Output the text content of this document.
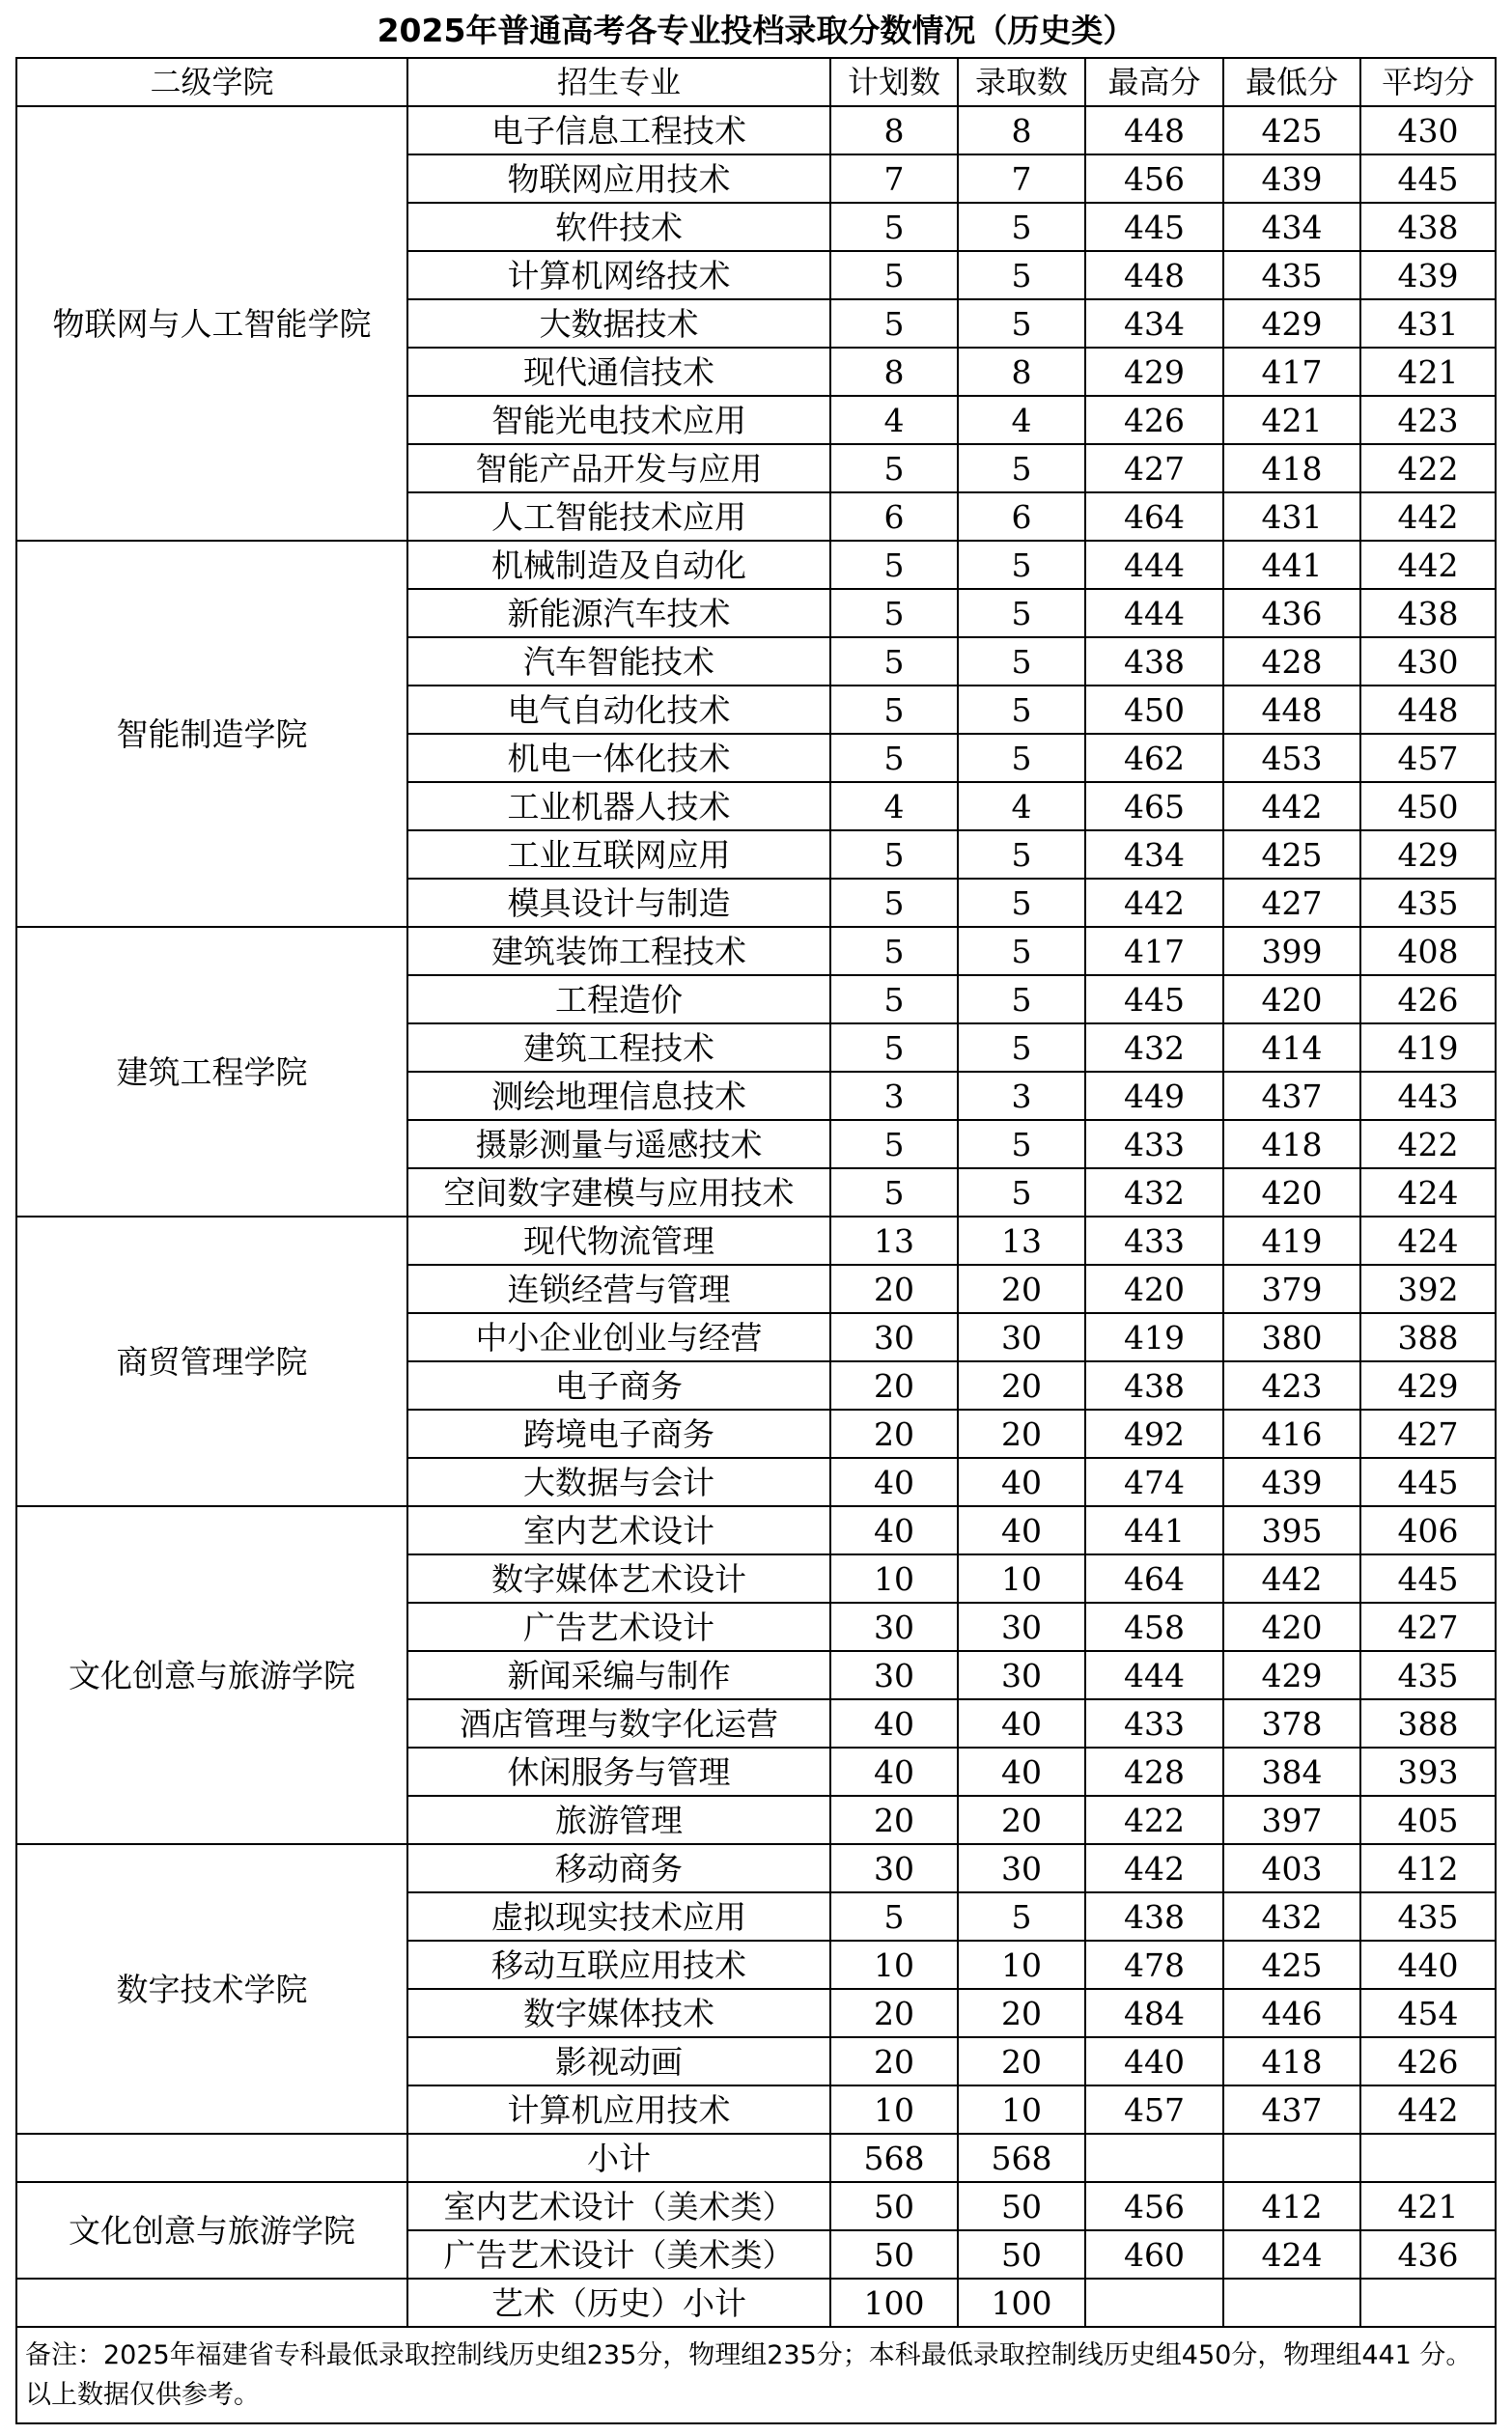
2025年普通高考各专业投档录取分数情况（历史类）
二级学院	招生专业	计划数	录取数	最高分	最低分	平均分
物联网与人工智能学院	电子信息工程技术	8	8	448	425	430
	物联网应用技术	7	7	456	439	445
	软件技术	5	5	445	434	438
	计算机网络技术	5	5	448	435	439
	大数据技术	5	5	434	429	431
	现代通信技术	8	8	429	417	421
	智能光电技术应用	4	4	426	421	423
	智能产品开发与应用	5	5	427	418	422
	人工智能技术应用	6	6	464	431	442
智能制造学院	机械制造及自动化	5	5	444	441	442
	新能源汽车技术	5	5	444	436	438
	汽车智能技术	5	5	438	428	430
	电气自动化技术	5	5	450	448	448
	机电一体化技术	5	5	462	453	457
	工业机器人技术	4	4	465	442	450
	工业互联网应用	5	5	434	425	429
	模具设计与制造	5	5	442	427	435
建筑工程学院	建筑装饰工程技术	5	5	417	399	408
	工程造价	5	5	445	420	426
	建筑工程技术	5	5	432	414	419
	测绘地理信息技术	3	3	449	437	443
	摄影测量与遥感技术	5	5	433	418	422
	空间数字建模与应用技术	5	5	432	420	424
商贸管理学院	现代物流管理	13	13	433	419	424
	连锁经营与管理	20	20	420	379	392
	中小企业创业与经营	30	30	419	380	388
	电子商务	20	20	438	423	429
	跨境电子商务	20	20	492	416	427
	大数据与会计	40	40	474	439	445
文化创意与旅游学院	室内艺术设计	40	40	441	395	406
	数字媒体艺术设计	10	10	464	442	445
	广告艺术设计	30	30	458	420	427
	新闻采编与制作	30	30	444	429	435
	酒店管理与数字化运营	40	40	433	378	388
	休闲服务与管理	40	40	428	384	393
	旅游管理	20	20	422	397	405
数字技术学院	移动商务	30	30	442	403	412
	虚拟现实技术应用	5	5	438	432	435
	移动互联应用技术	10	10	478	425	440
	数字媒体技术	20	20	484	446	454
	影视动画	20	20	440	418	426
	计算机应用技术	10	10	457	437	442
	小计	568	568			
文化创意与旅游学院	室内艺术设计（美术类）	50	50	456	412	421
	广告艺术设计（美术类）	50	50	460	424	436
	艺术（历史）小计	100	100			
备注：2025年福建省专科最低录取控制线历史组235分，物理组235分；本科最低录取控制线历史组450分，物理组441 分。以上数据仅供参考。						
